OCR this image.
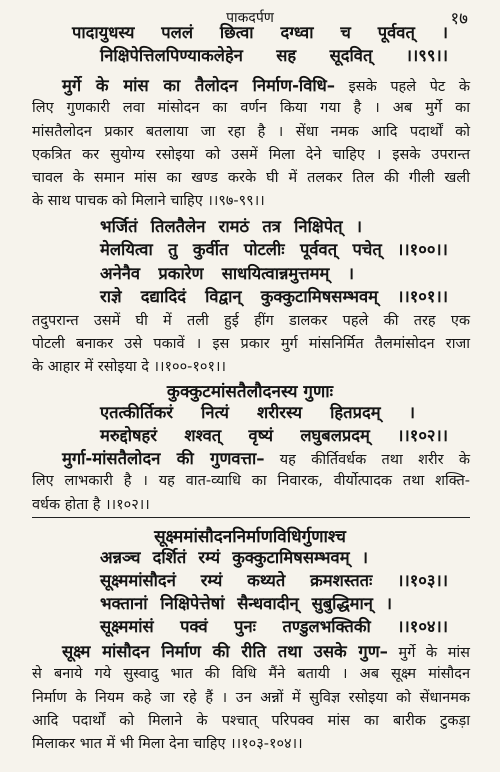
पाकदर्पण	१७
पादायुधस्य पललं छित्वा दग्ध्वा च पूर्ववत् ।
निक्षिपेत्तिलपिण्याकलेहेन सह सूदवित् ।।९९।।
मुर्गे के मांस का तैलोदन निर्माण-विधि– इसके पहले पेट के
लिए गुणकारी लवा मांसोदन का वर्णन किया गया है । अब मुर्गे का
मांसतैलोदन प्रकार बतलाया जा रहा है । सेंधा नमक आदि पदार्थों को
एकत्रित कर सुयोग्य रसोइया को उसमें मिला देने चाहिए । इसके उपरान्त
चावल के समान मांस का खण्ड करके घी में तलकर तिल की गीली खली
के साथ पाचक को मिलाने चाहिए ।।९७-९९।।
भर्जितं तिलतैलेन रामठं तत्र निक्षिपेत् ।
मेलयित्वा तु कुर्वीत पोटलीः पूर्ववत् पचेत् ।।१००।।
अनेनैव प्रकारेण साधयित्वान्नमुत्तमम् ।
राज्ञे दद्यादिदं विद्वान् कुक्कुटामिषसम्भवम् ।।१०१।।
तदुपरान्त उसमें घी में तली हुई हींग डालकर पहले की तरह एक
पोटली बनाकर उसे पकावें । इस प्रकार मुर्ग मांसनिर्मित तैलमांसोदन राजा
के आहार में रसोइया दे ।।१००-१०१।।
कुक्कुटमांसतैलौदनस्य गुणाः
एतत्कीर्तिकरं नित्यं शरीरस्य हितप्रदम् ।
मरुद्दोषहरं शश्वत् वृष्यं लघुबलप्रदम् ।।१०२।।
मुर्गा-मांसतैलोदन की गुणवत्ता– यह कीर्तिवर्धक तथा शरीर के
लिए लाभकारी है । यह वात-व्याधि का निवारक, वीर्योत्पादक तथा शक्ति-
वर्धक होता है ।।१०२।।
सूक्ष्ममांसौदननिर्माणविधिर्गुणाश्च
अन्नञ्च दर्शितं रम्यं कुक्कुटामिषसम्भवम् ।
सूक्ष्ममांसौदनं रम्यं कथ्यते क्रमशस्ततः ।।१०३।।
भक्तानां निक्षिपेत्तेषां सैन्धवादीन् सुबुद्धिमान् ।
सूक्ष्ममांसं पक्वं पुनः तण्डुलभक्तिकी ।।१०४।।
सूक्ष्म मांसौदन निर्माण की रीति तथा उसके गुण– मुर्गे के मांस
से बनाये गये सुस्वादु भात की विधि मैंने बतायी । अब सूक्ष्म मांसौदन
निर्माण के नियम कहे जा रहे हैं । उन अन्नों में सुविज्ञ रसोइया को सेंधानमक
आदि पदार्थों को मिलाने के पश्चात् परिपक्व मांस का बारीक टुकड़ा
मिलाकर भात में भी मिला देना चाहिए ।।१०३-१०४।।
